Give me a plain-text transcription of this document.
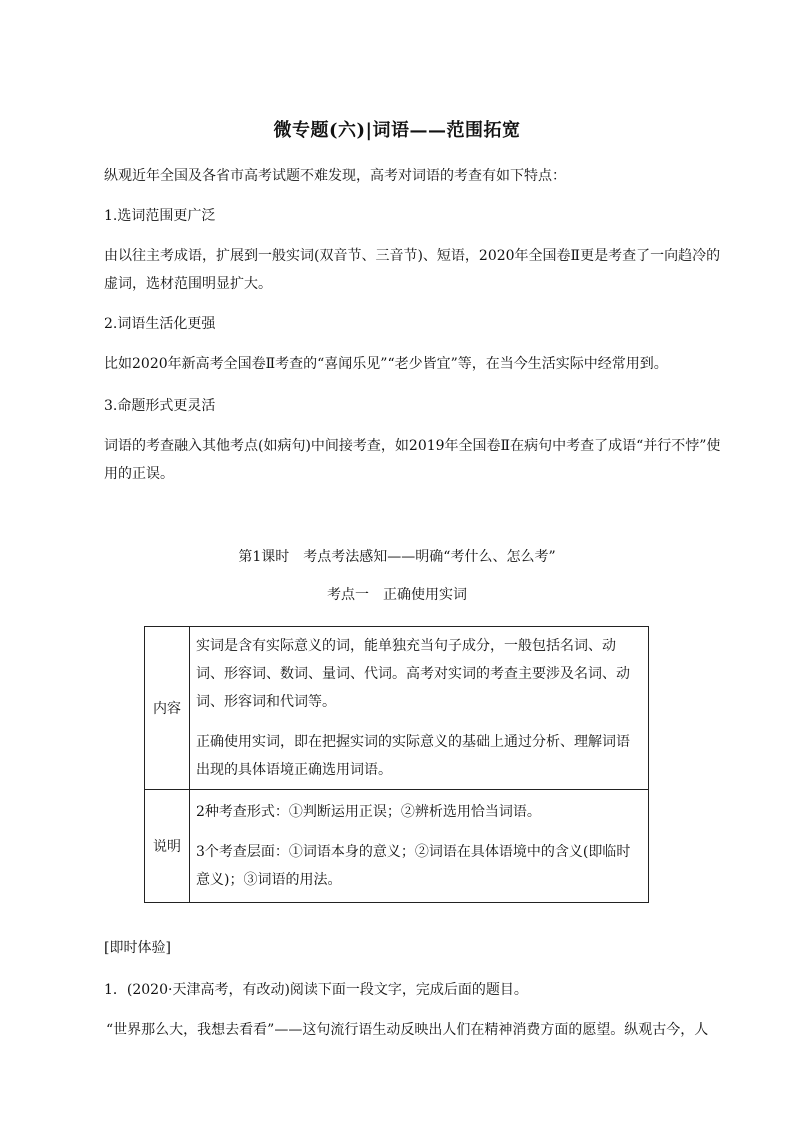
微专题(六)|词语——范围拓宽

纵观近年全国及各省市高考试题不难发现，高考对词语的考查有如下特点：

1.选词范围更广泛

由以往主考成语，扩展到一般实词(双音节、三音节)、短语，2020年全国卷Ⅱ更是考查了一向趋冷的虚词，选材范围明显扩大。

2.词语生活化更强

比如2020年新高考全国卷Ⅱ考查的“喜闻乐见”“老少皆宜”等，在当今生活实际中经常用到。

3.命题形式更灵活

词语的考查融入其他考点(如病句)中间接考查，如2019年全国卷Ⅱ在病句中考查了成语“并行不悖”使用的正误。

第1课时　考点考法感知——明确“考什么、怎么考”
考点一　正确使用实词
内容	实词是含有实际意义的词，能单独充当句子成分，一般包括名词、动词、形容词、数词、量词、代词。高考对实词的考查主要涉及名词、动词、形容词和代词等。
正确使用实词，即在把握实词的实际意义的基础上通过分析、理解词语出现的具体语境正确选用词语。

说明	2种考查形式：①判断运用正误；②辨析选用恰当词语。
3个考查层面：①词语本身的意义；②词语在具体语境中的含义(即临时意义)；③词语的用法。

[即时体验]

1．(2020·天津高考，有改动)阅读下面一段文字，完成后面的题目。

“世界那么大，我想去看看”——这句流行语生动反映出人们在精神消费方面的愿望。纵观古今，人
